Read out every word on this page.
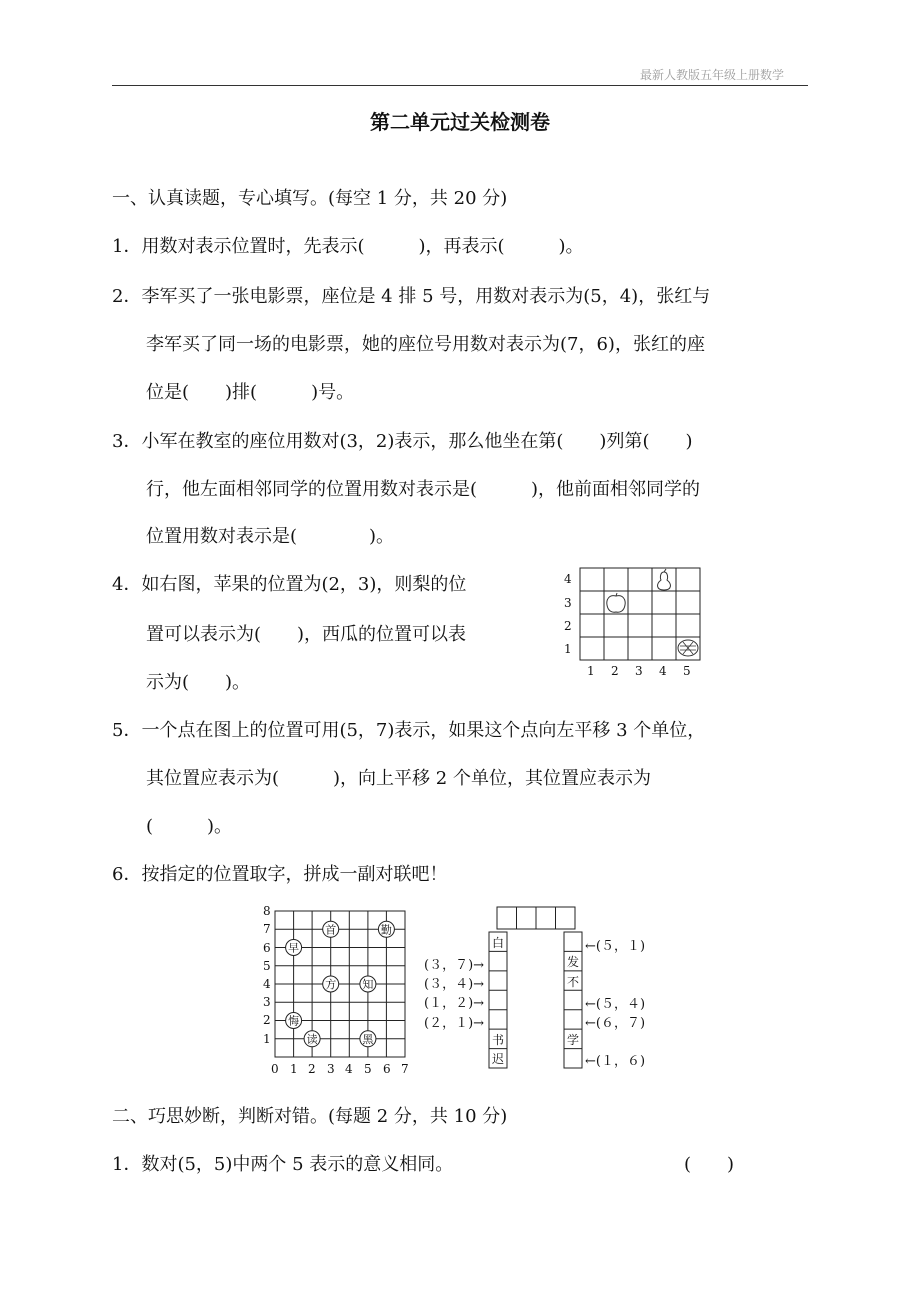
最新人教版五年级上册数学
第二单元过关检测卷
一、认真读题，专心填写。(每空 1 分，共 20 分)
1．用数对表示位置时，先表示(　　　)，再表示(　　　)。
2．李军买了一张电影票，座位是 4 排 5 号，用数对表示为(5，4)，张红与
李军买了同一场的电影票，她的座位号用数对表示为(7，6)，张红的座
位是(　　)排(　　　)号。
3．小军在教室的座位用数对(3，2)表示，那么他坐在第(　　)列第(　　)
行，他左面相邻同学的位置用数对表示是(　　　)，他前面相邻同学的
位置用数对表示是(　　　　)。
4．如右图，苹果的位置为(2，3)，则梨的位
置可以表示为(　　)，西瓜的位置可以表
示为(　　)。
4
3
2
1
1 2 3 4 5
5．一个点在图上的位置可用(5，7)表示，如果这个点向左平移 3 个单位，
其位置应表示为(　　　)，向上平移 2 个单位，其位置应表示为
(　　　)。
6．按指定的位置取字，拼成一副对联吧！
8
7
6
5
4
3
2
1
0 1 2 3 4 5 6 7
早
首	勤
方 知
悔
读	黑
白
书
迟
发
不
学
(３，７)→
(３，４)→
(１，２)→
(２，１)→
←(５，１)
←(５，４)
←(６，７)
←(１，６)
二、巧思妙断，判断对错。(每题 2 分，共 10 分)
1．数对(5，5)中两个 5 表示的意义相同。	(　　)
